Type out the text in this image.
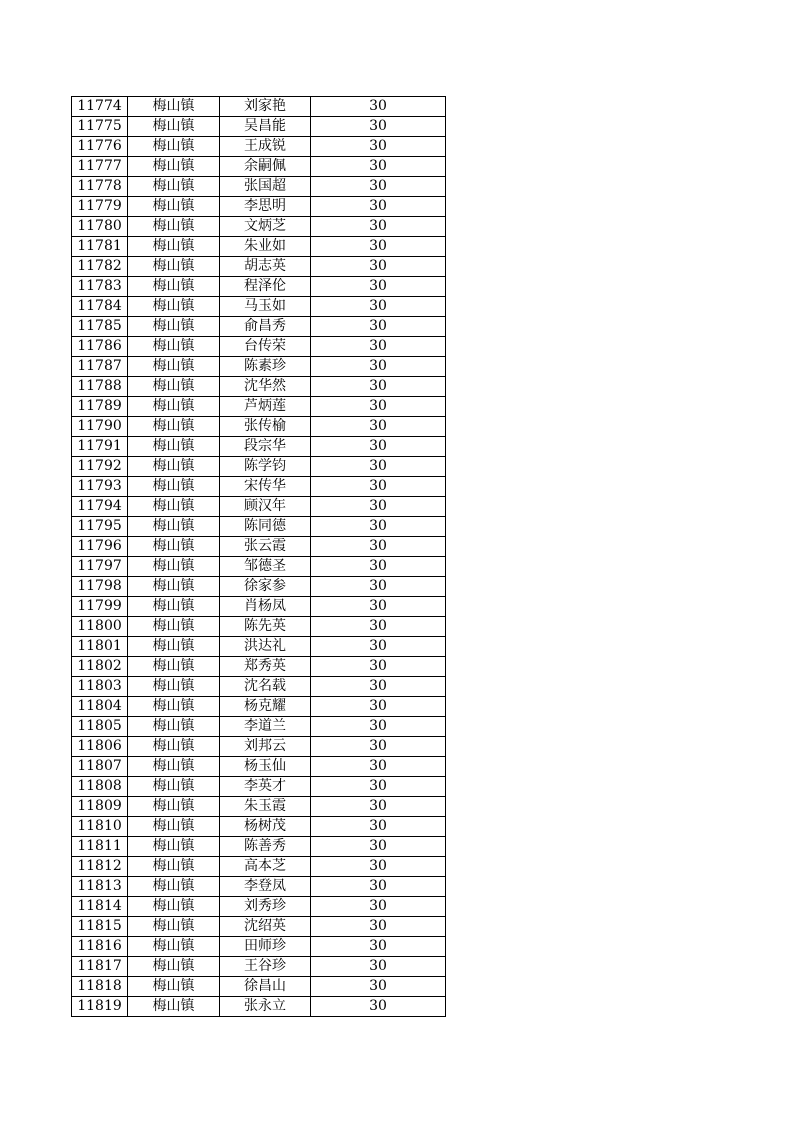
11774	梅山镇	刘家艳	30
11775	梅山镇	吴昌能	30
11776	梅山镇	王成锐	30
11777	梅山镇	余嗣佩	30
11778	梅山镇	张国超	30
11779	梅山镇	李思明	30
11780	梅山镇	文炳芝	30
11781	梅山镇	朱业如	30
11782	梅山镇	胡志英	30
11783	梅山镇	程泽伦	30
11784	梅山镇	马玉如	30
11785	梅山镇	俞昌秀	30
11786	梅山镇	台传荣	30
11787	梅山镇	陈素珍	30
11788	梅山镇	沈华然	30
11789	梅山镇	芦炳莲	30
11790	梅山镇	张传榆	30
11791	梅山镇	段宗华	30
11792	梅山镇	陈学钧	30
11793	梅山镇	宋传华	30
11794	梅山镇	顾汉年	30
11795	梅山镇	陈同德	30
11796	梅山镇	张云霞	30
11797	梅山镇	邹德圣	30
11798	梅山镇	徐家参	30
11799	梅山镇	肖杨凤	30
11800	梅山镇	陈先英	30
11801	梅山镇	洪达礼	30
11802	梅山镇	郑秀英	30
11803	梅山镇	沈名载	30
11804	梅山镇	杨克耀	30
11805	梅山镇	李道兰	30
11806	梅山镇	刘邦云	30
11807	梅山镇	杨玉仙	30
11808	梅山镇	李英才	30
11809	梅山镇	朱玉霞	30
11810	梅山镇	杨树茂	30
11811	梅山镇	陈善秀	30
11812	梅山镇	高本芝	30
11813	梅山镇	李登凤	30
11814	梅山镇	刘秀珍	30
11815	梅山镇	沈绍英	30
11816	梅山镇	田师珍	30
11817	梅山镇	王谷珍	30
11818	梅山镇	徐昌山	30
11819	梅山镇	张永立	30
